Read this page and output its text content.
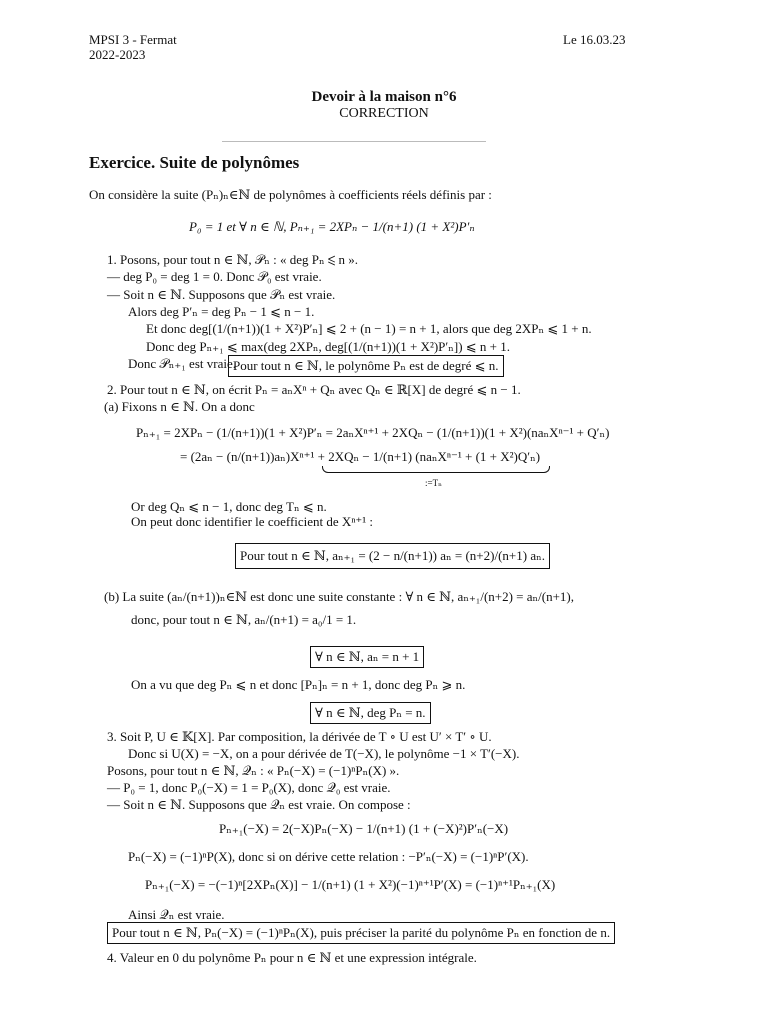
MPSI 3 - Fermat
2022-2023
Le 16.03.23
Devoir à la maison n°6
CORRECTION
Exercice. Suite de polynômes
On considère la suite (Pₙ)ₙ∈ℕ de polynômes à coefficients réels définis par :
P₀ = 1 et ∀ n ∈ ℕ, Pₙ₊₁ = 2XPₙ − 1/(n+1) (1 + X²)P′ₙ
1. Posons, pour tout n ∈ ℕ, 𝒫ₙ : « deg Pₙ ⩽ n ».
— deg P₀ = deg 1 = 0. Donc 𝒫₀ est vraie.
— Soit n ∈ ℕ. Supposons que 𝒫ₙ est vraie.
Alors deg P′ₙ = deg Pₙ − 1 ⩽ n − 1.
Et donc deg[(1/(n+1))(1 + X²)P′ₙ] ⩽ 2 + (n − 1) = n + 1, alors que deg 2XPₙ ⩽ 1 + n.
Donc deg Pₙ₊₁ ⩽ max(deg 2XPₙ, deg[(1/(n+1))(1 + X²)P′ₙ]) ⩽ n + 1.
Donc 𝒫ₙ₊₁ est vraie.
Pour tout n ∈ ℕ, le polynôme Pₙ est de degré ⩽ n.
2. Pour tout n ∈ ℕ, on écrit Pₙ = aₙXⁿ + Qₙ avec Qₙ ∈ ℝ[X] de degré ⩽ n − 1.
(a) Fixons n ∈ ℕ. On a donc
Pₙ₊₁ = 2XPₙ − (1/(n+1))(1 + X²)P′ₙ = 2aₙXⁿ⁺¹ + 2XQₙ − (1/(n+1))(1 + X²)(naₙXⁿ⁻¹ + Q′ₙ)
= (2aₙ − (n/(n+1))aₙ)Xⁿ⁺¹ + 2XQₙ − 1/(n+1) (naₙXⁿ⁻¹ + (1 + X²)Q′ₙ)
:=Tₙ
Or deg Qₙ ⩽ n − 1, donc deg Tₙ ⩽ n.
On peut donc identifier le coefficient de Xⁿ⁺¹ :
Pour tout n ∈ ℕ, aₙ₊₁ = (2 − n/(n+1)) aₙ = (n+2)/(n+1) aₙ.
(b) La suite (aₙ/(n+1))ₙ∈ℕ est donc une suite constante : ∀ n ∈ ℕ, aₙ₊₁/(n+2) = aₙ/(n+1),
donc, pour tout n ∈ ℕ, aₙ/(n+1) = a₀/1 = 1.
∀ n ∈ ℕ, aₙ = n + 1
On a vu que deg Pₙ ⩽ n et donc [Pₙ]ₙ = n + 1, donc deg Pₙ ⩾ n.
∀ n ∈ ℕ, deg Pₙ = n.
3. Soit P, U ∈ 𝕂[X]. Par composition, la dérivée de T ∘ U est U′ × T′ ∘ U.
Donc si U(X) = −X, on a pour dérivée de T(−X), le polynôme −1 × T′(−X).
Posons, pour tout n ∈ ℕ, 𝒬ₙ : « Pₙ(−X) = (−1)ⁿPₙ(X) ».
— P₀ = 1, donc P₀(−X) = 1 = P₀(X), donc 𝒬₀ est vraie.
— Soit n ∈ ℕ. Supposons que 𝒬ₙ est vraie. On compose :
Pₙ₊₁(−X) = 2(−X)Pₙ(−X) − 1/(n+1) (1 + (−X)²)P′ₙ(−X)
Pₙ(−X) = (−1)ⁿP(X), donc si on dérive cette relation : −P′ₙ(−X) = (−1)ⁿP′(X).
Pₙ₊₁(−X) = −(−1)ⁿ[2XPₙ(X)] − 1/(n+1) (1 + X²)(−1)ⁿ⁺¹P′(X) = (−1)ⁿ⁺¹Pₙ₊₁(X)
Ainsi 𝒬ₙ est vraie.
Pour tout n ∈ ℕ, Pₙ(−X) = (−1)ⁿPₙ(X), puis préciser la parité du polynôme Pₙ en fonction de n.
4. Valeur en 0 du polynôme Pₙ pour n ∈ ℕ et une expression intégrale.
